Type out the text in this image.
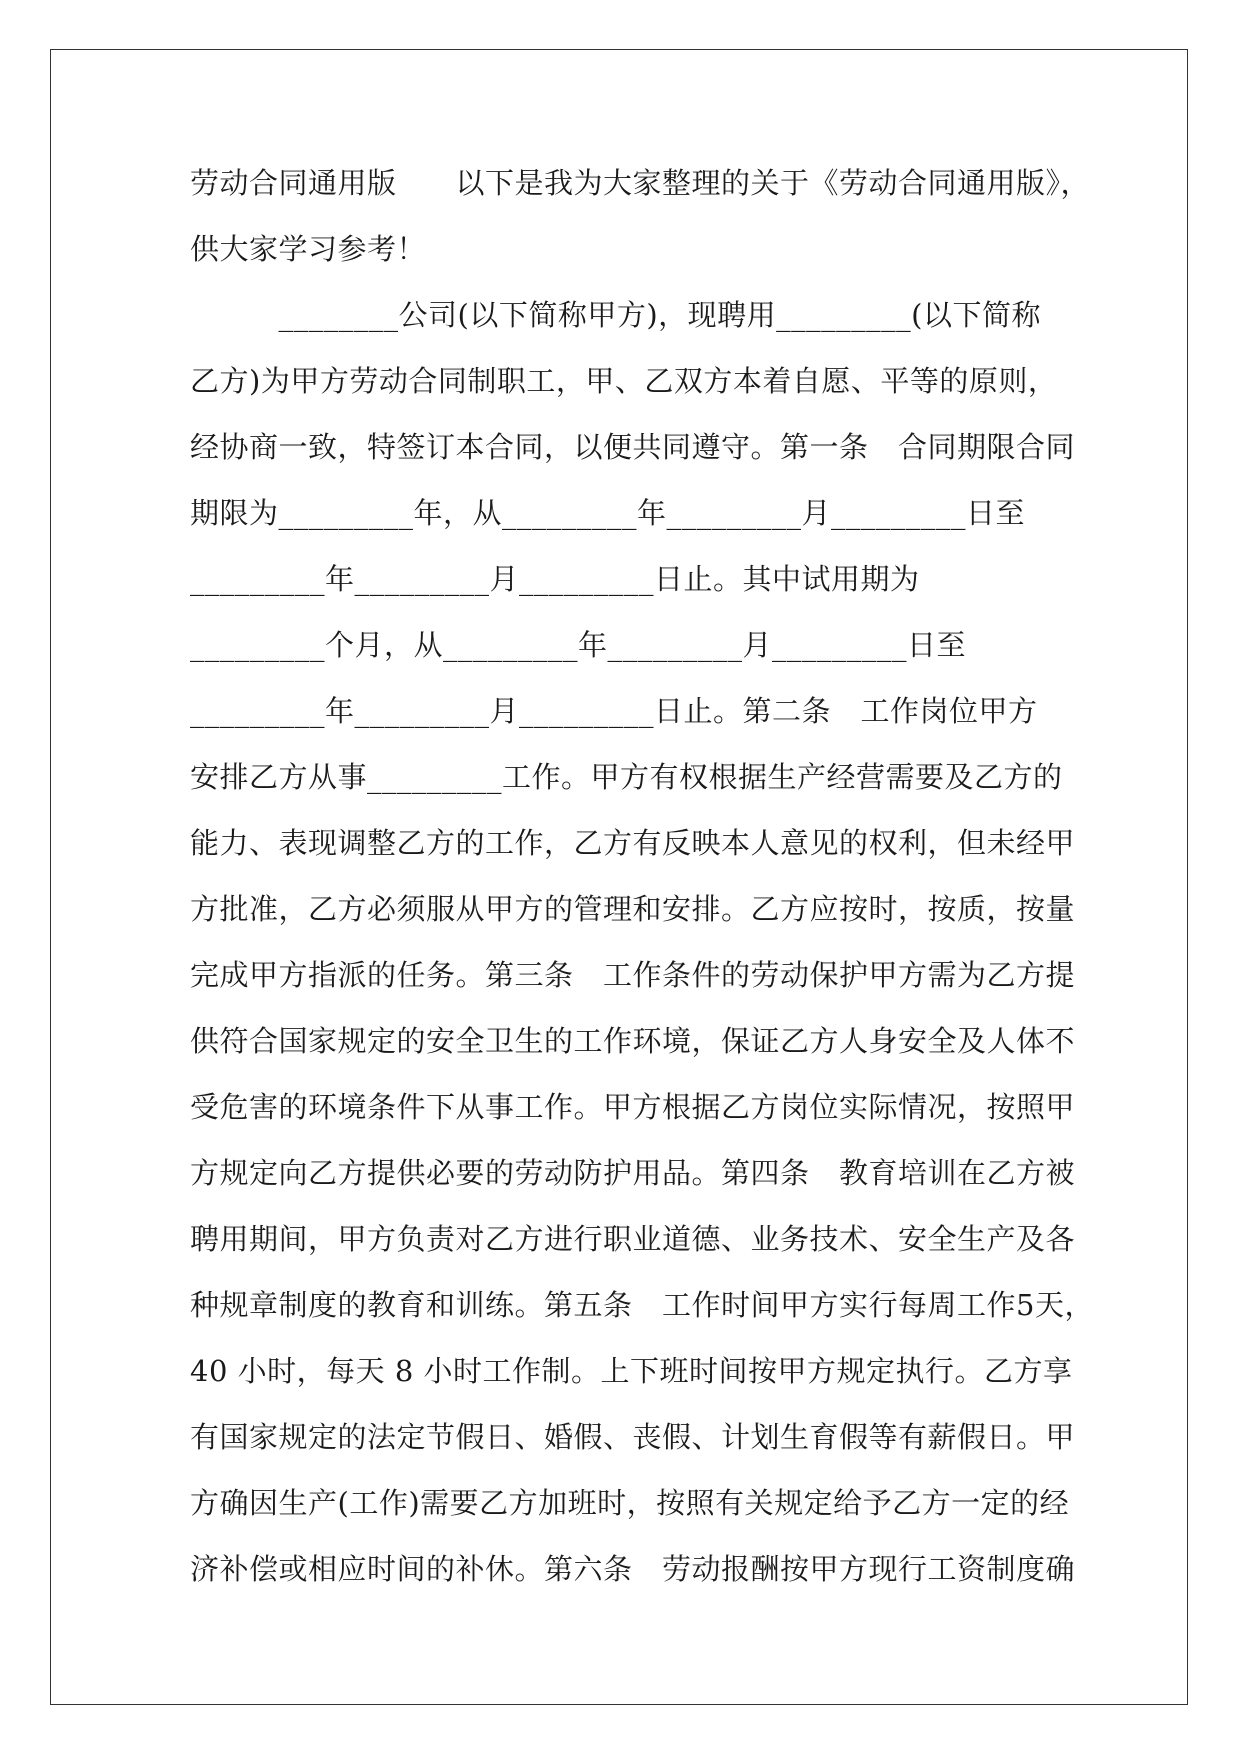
劳动合同通用版　　以下是我为大家整理的关于《劳动合同通用版》，
供大家学习参考！
　　　________公司(以下简称甲方)，现聘用_________(以下简称
乙方)为甲方劳动合同制职工，甲、乙双方本着自愿、平等的原则，
经协商一致，特签订本合同，以便共同遵守。第一条　合同期限合同
期限为_________年，从_________年_________月_________日至
_________年_________月_________日止。其中试用期为
_________个月，从_________年_________月_________日至
_________年_________月_________日止。第二条　工作岗位甲方
安排乙方从事_________工作。甲方有权根据生产经营需要及乙方的
能力、表现调整乙方的工作，乙方有反映本人意见的权利，但未经甲
方批准，乙方必须服从甲方的管理和安排。乙方应按时，按质，按量
完成甲方指派的任务。第三条　工作条件的劳动保护甲方需为乙方提
供符合国家规定的安全卫生的工作环境，保证乙方人身安全及人体不
受危害的环境条件下从事工作。甲方根据乙方岗位实际情况，按照甲
方规定向乙方提供必要的劳动防护用品。第四条　教育培训在乙方被
聘用期间，甲方负责对乙方进行职业道德、业务技术、安全生产及各
种规章制度的教育和训练。第五条　工作时间甲方实行每周工作5天，
40 小时，每天 8 小时工作制。上下班时间按甲方规定执行。乙方享
有国家规定的法定节假日、婚假、丧假、计划生育假等有薪假日。甲
方确因生产(工作)需要乙方加班时，按照有关规定给予乙方一定的经
济补偿或相应时间的补休。第六条　劳动报酬按甲方现行工资制度确
